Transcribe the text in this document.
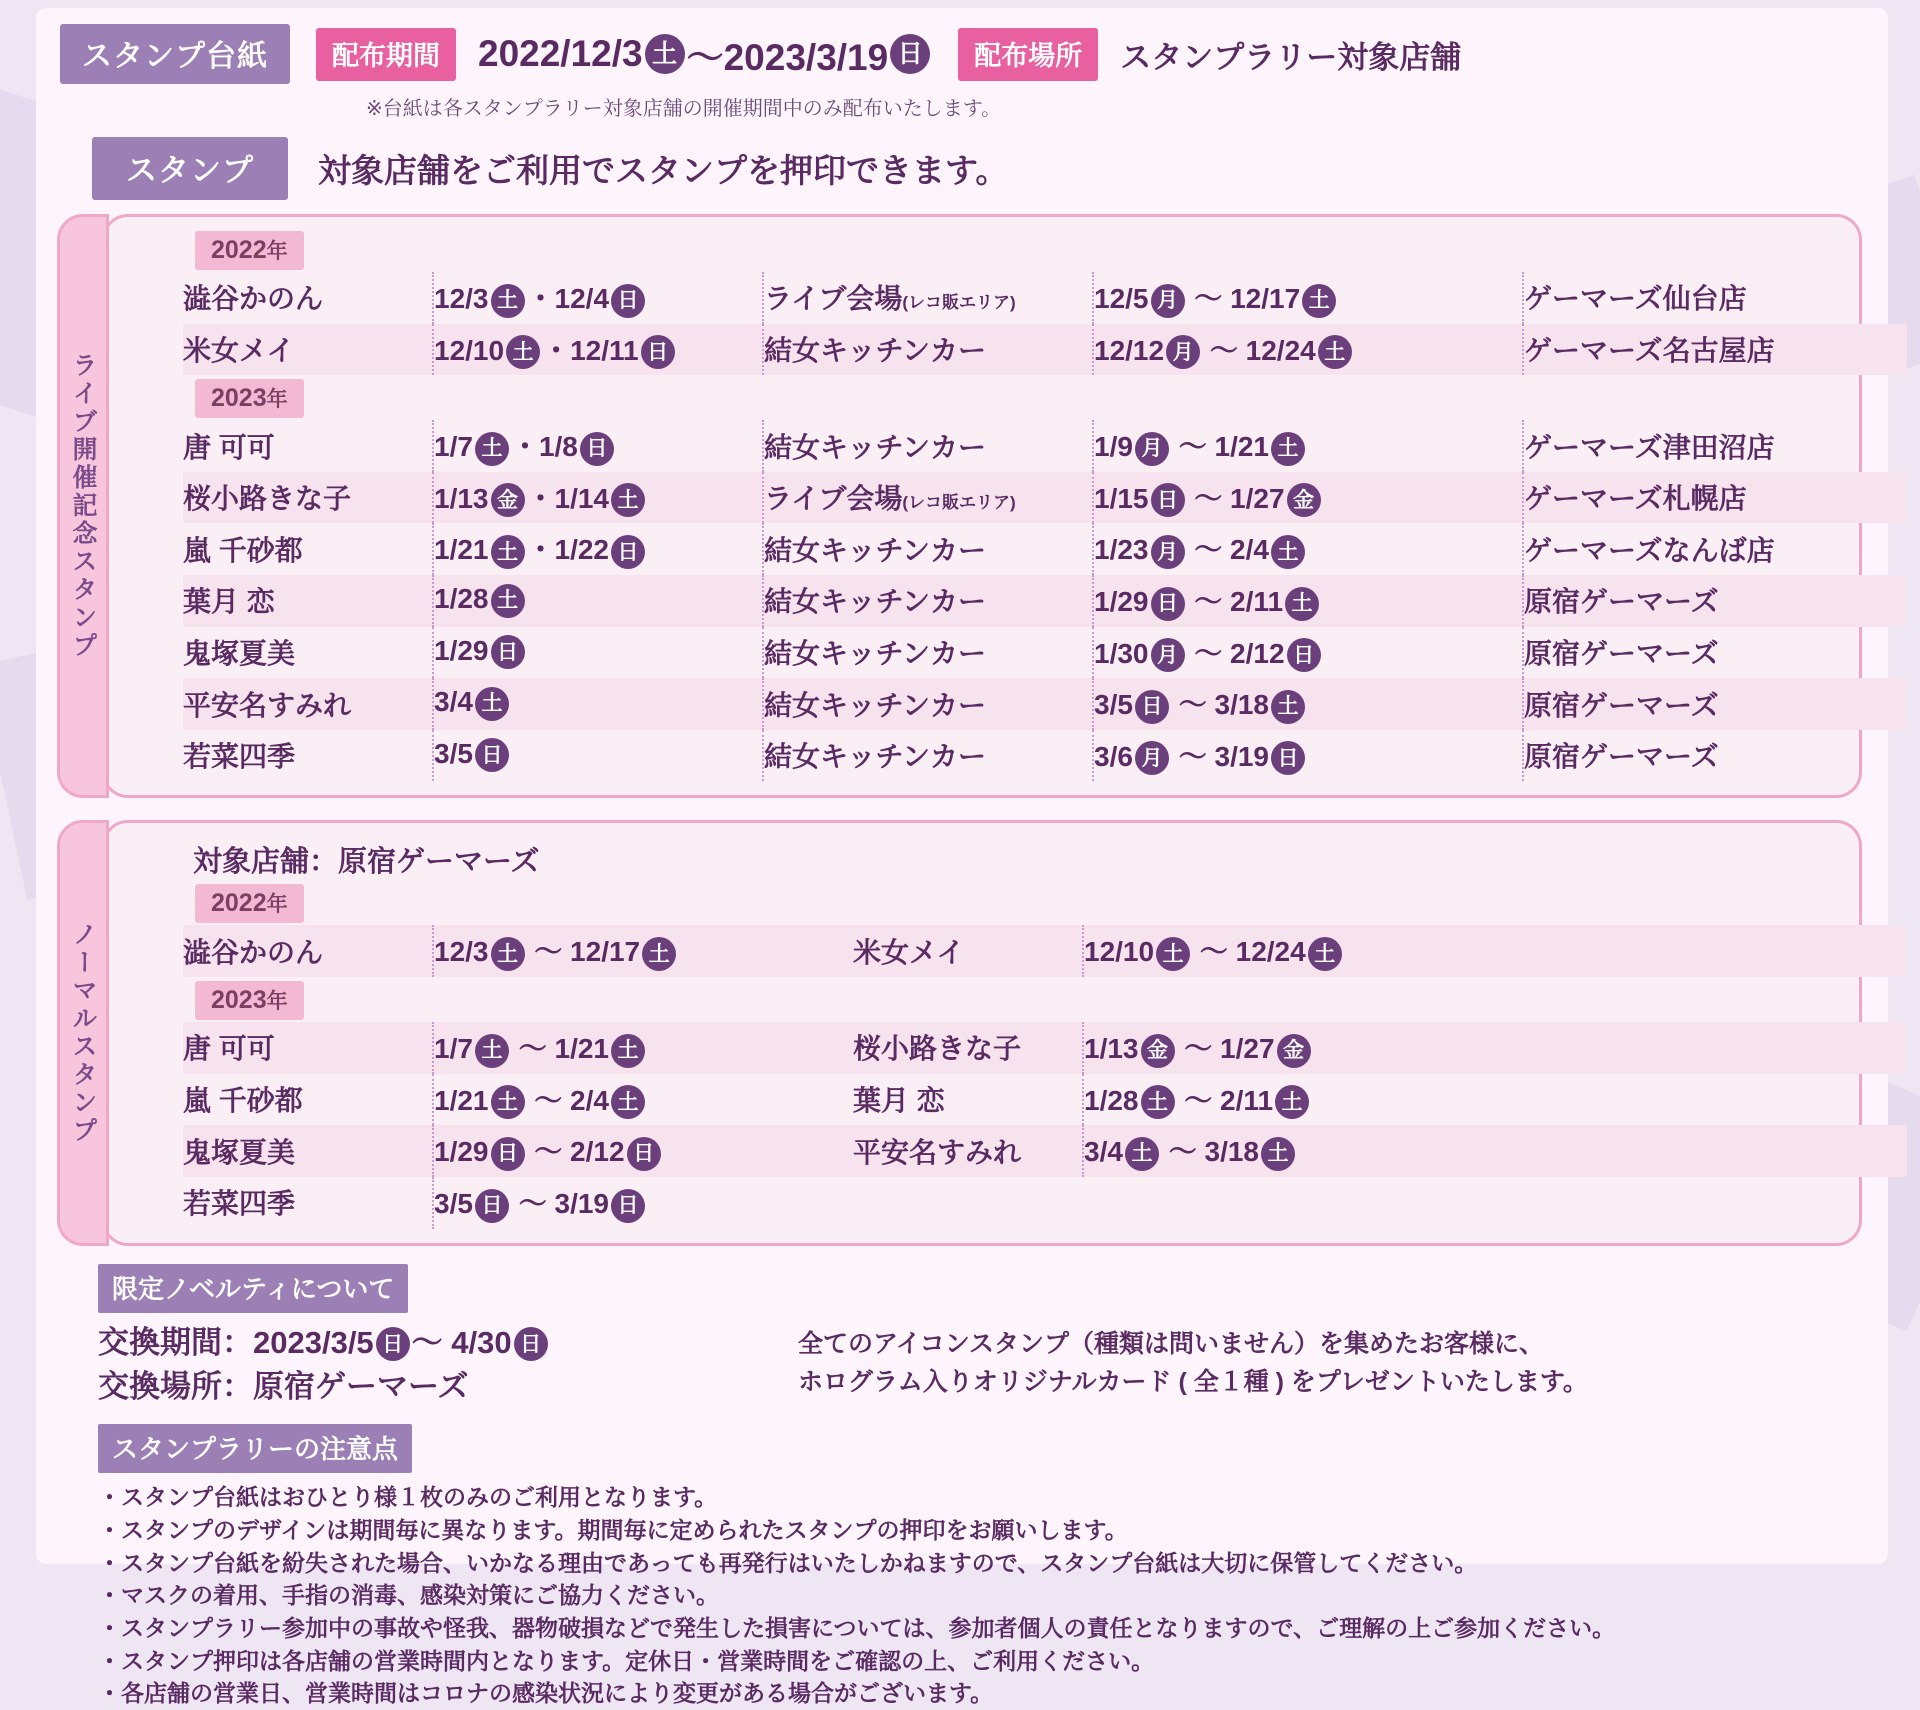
スタンプ台紙	配布期間	2022/12/3 土 〜2023/3/19 日	配布場所	スタンプラリー対象店舗
※台紙は各スタンプラリー対象店舗の開催期間中のみ配布いたします。
スタンプ	対象店舗をご利用でスタンプを押印できます。
ライブ開催記念スタンプ
2022年
澁谷かのん	12/3 土 ・12/4 日	ライブ会場(レコ販エリア)	12/5 月 〜 12/17 土	ゲーマーズ仙台店
米女メイ	12/10 土 ・12/11 日	結女キッチンカー	12/12 月 〜 12/24 土	ゲーマーズ名古屋店
2023年
唐 可可	1/7 土 ・1/8 日	結女キッチンカー	1/9 月 〜 1/21 土	ゲーマーズ津田沼店
桜小路きな子	1/13 金 ・1/14 土	ライブ会場(レコ販エリア)	1/15 日 〜 1/27 金	ゲーマーズ札幌店
嵐 千砂都	1/21 土 ・1/22 日	結女キッチンカー	1/23 月 〜 2/4 土	ゲーマーズなんば店
葉月 恋	1/28 土	結女キッチンカー	1/29 日 〜 2/11 土	原宿ゲーマーズ
鬼塚夏美	1/29 日	結女キッチンカー	1/30 月 〜 2/12 日	原宿ゲーマーズ
平安名すみれ	3/4 土	結女キッチンカー	3/5 日 〜 3/18 土	原宿ゲーマーズ
若菜四季	3/5 日	結女キッチンカー	3/6 月 〜 3/19 日	原宿ゲーマーズ
ノーマルスタンプ
対象店舗：原宿ゲーマーズ
2022年
澁谷かのん	12/3 土 〜 12/17 土	米女メイ	12/10 土 〜 12/24 土
2023年
唐 可可	1/7 土 〜 1/21 土	桜小路きな子	1/13 金 〜 1/27 金
嵐 千砂都	1/21 土 〜 2/4 土	葉月 恋	1/28 土 〜 2/11 土
鬼塚夏美	1/29 日 〜 2/12 日	平安名すみれ	3/4 土 〜 3/18 土
若菜四季	3/5 日 〜 3/19 日		
限定ノベルティについて
交換期間：2023/3/5 日 〜 4/30 日
交換場所：原宿ゲーマーズ
全てのアイコンスタンプ（種類は問いません）を集めたお客様に、
ホログラム入りオリジナルカード ( 全１種 ) をプレゼントいたします。
スタンプラリーの注意点
・スタンプ台紙はおひとり様１枚のみのご利用となります。
・スタンプのデザインは期間毎に異なります。期間毎に定められたスタンプの押印をお願いします。
・スタンプ台紙を紛失された場合、いかなる理由であっても再発行はいたしかねますので、スタンプ台紙は大切に保管してください。
・マスクの着用、手指の消毒、感染対策にご協力ください。
・スタンプラリー参加中の事故や怪我、器物破損などで発生した損害については、参加者個人の責任となりますので、ご理解の上ご参加ください。
・スタンプ押印は各店舗の営業時間内となります。定休日・営業時間をご確認の上、ご利用ください。
・各店舗の営業日、営業時間はコロナの感染状況により変更がある場合がございます。
